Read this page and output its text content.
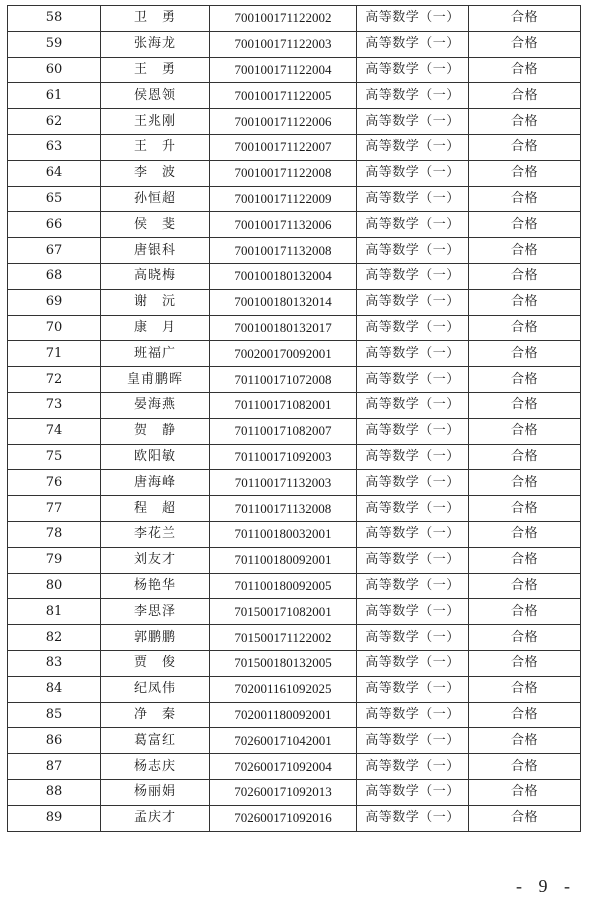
58	卫　勇	700100171122002	高等数学（一）	合格
59	张海龙	700100171122003	高等数学（一）	合格
60	王　勇	700100171122004	高等数学（一）	合格
61	侯恩领	700100171122005	高等数学（一）	合格
62	王兆刚	700100171122006	高等数学（一）	合格
63	王　升	700100171122007	高等数学（一）	合格
64	李　波	700100171122008	高等数学（一）	合格
65	孙恒超	700100171122009	高等数学（一）	合格
66	侯　斐	700100171132006	高等数学（一）	合格
67	唐银科	700100171132008	高等数学（一）	合格
68	高晓梅	700100180132004	高等数学（一）	合格
69	谢　沅	700100180132014	高等数学（一）	合格
70	康　月	700100180132017	高等数学（一）	合格
71	班福广	700200170092001	高等数学（一）	合格
72	皇甫鹏晖	701100171072008	高等数学（一）	合格
73	晏海燕	701100171082001	高等数学（一）	合格
74	贺　静	701100171082007	高等数学（一）	合格
75	欧阳敏	701100171092003	高等数学（一）	合格
76	唐海峰	701100171132003	高等数学（一）	合格
77	程　超	701100171132008	高等数学（一）	合格
78	李花兰	701100180032001	高等数学（一）	合格
79	刘友才	701100180092001	高等数学（一）	合格
80	杨艳华	701100180092005	高等数学（一）	合格
81	李思泽	701500171082001	高等数学（一）	合格
82	郭鹏鹏	701500171122002	高等数学（一）	合格
83	贾　俊	701500180132005	高等数学（一）	合格
84	纪凤伟	702001161092025	高等数学（一）	合格
85	净　秦	702001180092001	高等数学（一）	合格
86	葛富红	702600171042001	高等数学（一）	合格
87	杨志庆	702600171092004	高等数学（一）	合格
88	杨丽娟	702600171092013	高等数学（一）	合格
89	孟庆才	702600171092016	高等数学（一）	合格
- 9 -
